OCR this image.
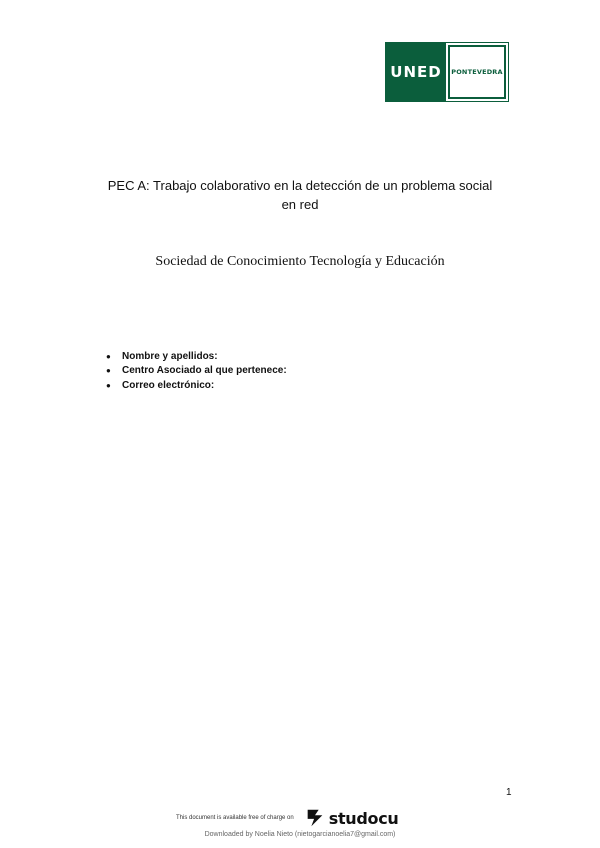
UNED	PONTEVEDRA
PEC A: Trabajo colaborativo en la detección de un problema social en red
Sociedad de Conocimiento Tecnología y Educación
●	Nombre y apellidos:
●	Centro Asociado al que pertenece:
●	Correo electrónico:
1
This document is available free of charge on studocu
Downloaded by Noelia Nieto (nietogarcianoelia7@gmail.com)
